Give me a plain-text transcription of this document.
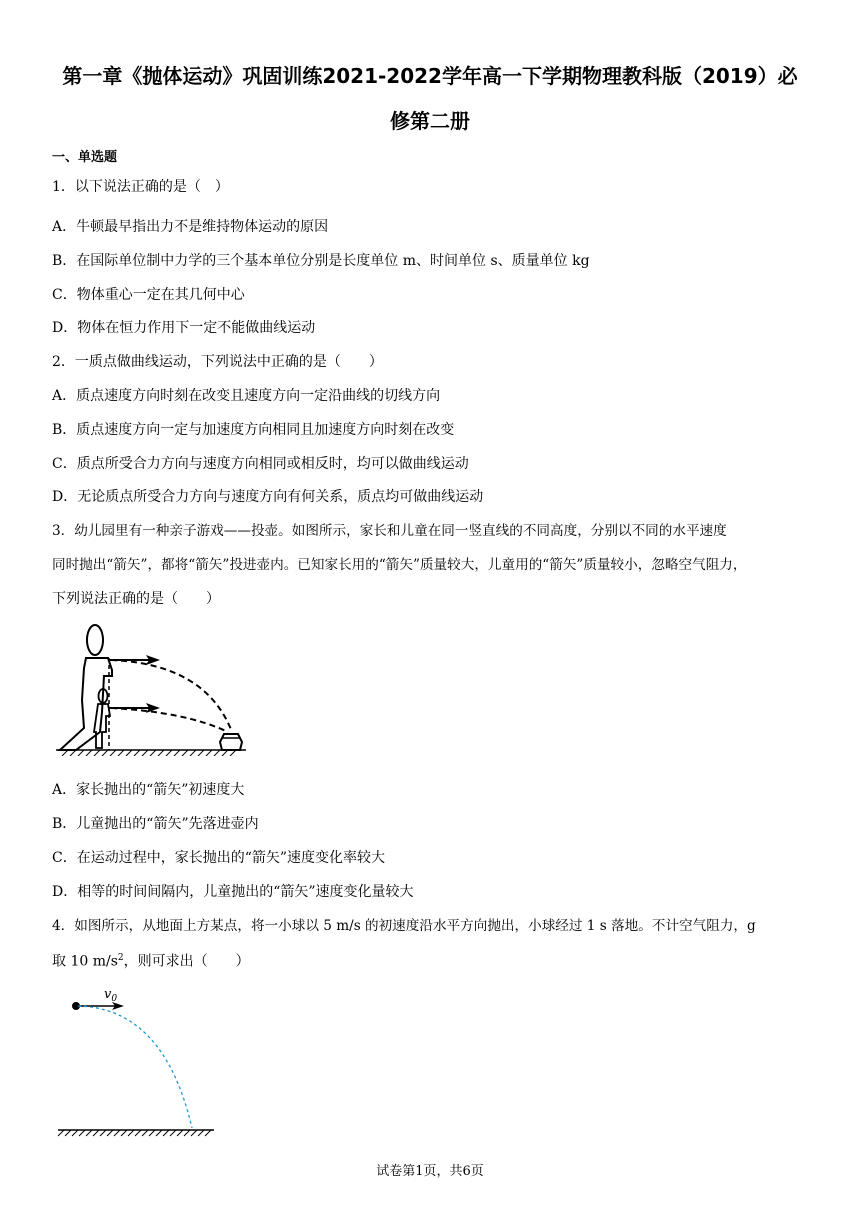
第一章《抛体运动》巩固训练2021-2022学年高一下学期物理教科版（2019）必
修第二册
一、单选题
1．以下说法正确的是（　）
A．牛顿最早指出力不是维持物体运动的原因
B．在国际单位制中力学的三个基本单位分别是长度单位 m、时间单位 s、质量单位 kg
C．物体重心一定在其几何中心
D．物体在恒力作用下一定不能做曲线运动
2．一质点做曲线运动，下列说法中正确的是（　　）
A．质点速度方向时刻在改变且速度方向一定沿曲线的切线方向
B．质点速度方向一定与加速度方向相同且加速度方向时刻在改变
C．质点所受合力方向与速度方向相同或相反时，均可以做曲线运动
D．无论质点所受合力方向与速度方向有何关系，质点均可做曲线运动
3．幼儿园里有一种亲子游戏——投壶。如图所示，家长和儿童在同一竖直线的不同高度，分别以不同的水平速度
同时抛出“箭矢”，都将“箭矢”投进壶内。已知家长用的“箭矢”质量较大，儿童用的“箭矢”质量较小，忽略空气阻力，
下列说法正确的是（　　）
A．家长抛出的“箭矢”初速度大
B．儿童抛出的“箭矢”先落进壶内
C．在运动过程中，家长抛出的“箭矢”速度变化率较大
D．相等的时间间隔内，儿童抛出的“箭矢”速度变化量较大
4．如图所示，从地面上方某点，将一小球以 5 m/s 的初速度沿水平方向抛出，小球经过 1 s 落地。不计空气阻力，g
取 10 $m/s^2$，则可求出（　　）
$v_0$
试卷第1页，共6页
